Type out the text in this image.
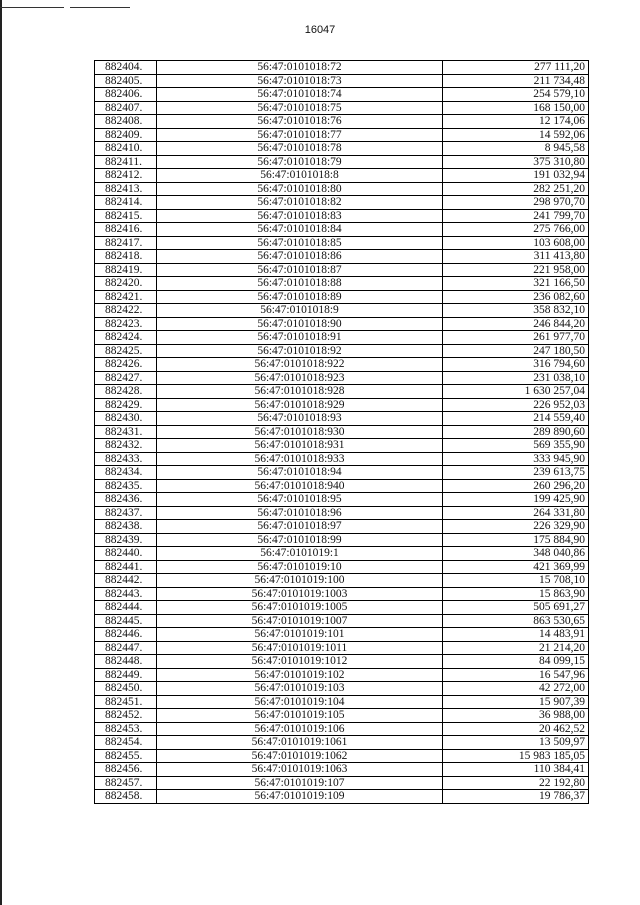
16047
882404.	56:47:0101018:72	277 111,20
882405.	56:47:0101018:73	211 734,48
882406.	56:47:0101018:74	254 579,10
882407.	56:47:0101018:75	168 150,00
882408.	56:47:0101018:76	12 174,06
882409.	56:47:0101018:77	14 592,06
882410.	56:47:0101018:78	8 945,58
882411.	56:47:0101018:79	375 310,80
882412.	56:47:0101018:8	191 032,94
882413.	56:47:0101018:80	282 251,20
882414.	56:47:0101018:82	298 970,70
882415.	56:47:0101018:83	241 799,70
882416.	56:47:0101018:84	275 766,00
882417.	56:47:0101018:85	103 608,00
882418.	56:47:0101018:86	311 413,80
882419.	56:47:0101018:87	221 958,00
882420.	56:47:0101018:88	321 166,50
882421.	56:47:0101018:89	236 082,60
882422.	56:47:0101018:9	358 832,10
882423.	56:47:0101018:90	246 844,20
882424.	56:47:0101018:91	261 977,70
882425.	56:47:0101018:92	247 180,50
882426.	56:47:0101018:922	316 794,60
882427.	56:47:0101018:923	231 038,10
882428.	56:47:0101018:928	1 630 257,04
882429.	56:47:0101018:929	226 952,03
882430.	56:47:0101018:93	214 559,40
882431.	56:47:0101018:930	289 890,60
882432.	56:47:0101018:931	569 355,90
882433.	56:47:0101018:933	333 945,90
882434.	56:47:0101018:94	239 613,75
882435.	56:47:0101018:940	260 296,20
882436.	56:47:0101018:95	199 425,90
882437.	56:47:0101018:96	264 331,80
882438.	56:47:0101018:97	226 329,90
882439.	56:47:0101018:99	175 884,90
882440.	56:47:0101019:1	348 040,86
882441.	56:47:0101019:10	421 369,99
882442.	56:47:0101019:100	15 708,10
882443.	56:47:0101019:1003	15 863,90
882444.	56:47:0101019:1005	505 691,27
882445.	56:47:0101019:1007	863 530,65
882446.	56:47:0101019:101	14 483,91
882447.	56:47:0101019:1011	21 214,20
882448.	56:47:0101019:1012	84 099,15
882449.	56:47:0101019:102	16 547,96
882450.	56:47:0101019:103	42 272,00
882451.	56:47:0101019:104	15 907,39
882452.	56:47:0101019:105	36 988,00
882453.	56:47:0101019:106	20 462,52
882454.	56:47:0101019:1061	13 509,97
882455.	56:47:0101019:1062	15 983 185,05
882456.	56:47:0101019:1063	110 384,41
882457.	56:47:0101019:107	22 192,80
882458.	56:47:0101019:109	19 786,37
